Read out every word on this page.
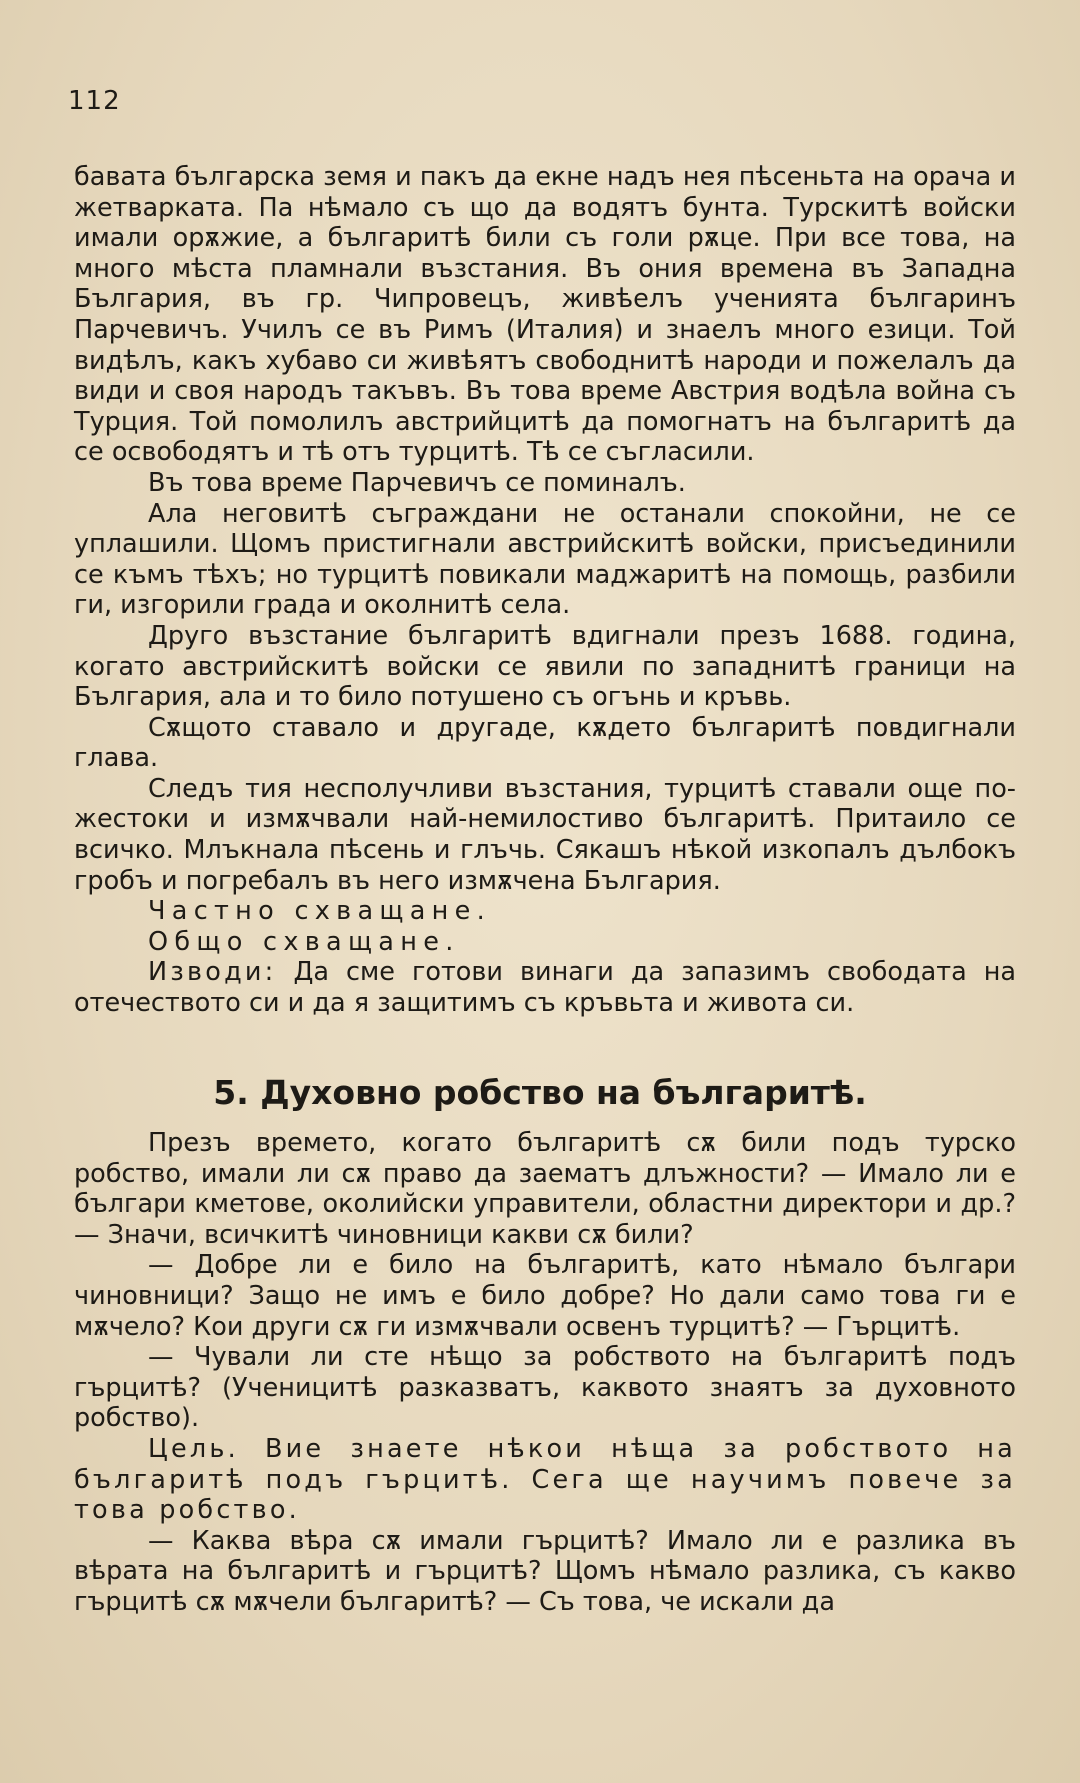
112

бавата българска земя и пакъ да екне надъ нея пѣсеньта на орача и жетварката. Па нѣмало съ що да водятъ бунта. Турскитѣ войски имали орѫжие, а българитѣ били съ голи рѫце. При все това, на много мѣста пламнали възстания. Въ ония времена въ Западна България, въ гр. Чипровецъ, живѣелъ ученията българинъ Парчевичъ. Училъ се въ Римъ (Италия) и знаелъ много езици. Той видѣлъ, какъ хубаво си живѣятъ свободнитѣ народи и пожелалъ да види и своя народъ такъвъ. Въ това време Австрия водѣла война съ Турция. Той помолилъ австрийцитѣ да помогнатъ на българитѣ да се освободятъ и тѣ отъ турцитѣ. Тѣ се съгласили.

Въ това време Парчевичъ се поминалъ.

Ала неговитѣ съграждани не останали спокойни, не се уплашили. Щомъ пристигнали австрийскитѣ войски, присъединили се къмъ тѣхъ; но турцитѣ повикали маджаритѣ на помощь, разбили ги, изгорили града и околнитѣ села.

Друго възстание българитѣ вдигнали презъ 1688. година, когато австрийскитѣ войски се явили по западнитѣ граници на България, ала и то било потушено съ огънь и кръвь.

Сѫщото ставало и другаде, кѫдето българитѣ повдигнали глава.

Следъ тия несполучливи възстания, турцитѣ ставали още по-жестоки и измѫчвали най-немилостиво българитѣ. Притаило се всичко. Млъкнала пѣсень и глъчь. Сякашъ нѣкой изкопалъ дълбокъ гробъ и погребалъ въ него измѫчена България.

Частно схващане.

Общо схващане.

Изводи: Да сме готови винаги да запазимъ свободата на отечеството си и да я защитимъ съ кръвьта и живота си.

5. Духовно робство на българитѣ.

Презъ времето, когато българитѣ сѫ били подъ турско робство, имали ли сѫ право да заематъ длъжности? — Имало ли е българи кметове, околийски управители, областни директори и др.? — Значи, всичкитѣ чиновници какви сѫ били?

— Добре ли е било на българитѣ, като нѣмало българи чиновници? Защо не имъ е било добре? Но дали само това ги е мѫчело? Кои други сѫ ги измѫчвали освенъ турцитѣ? — Гърцитѣ.

— Чували ли сте нѣщо за робството на българитѣ подъ гърцитѣ? (Ученицитѣ разказватъ, каквото знаятъ за духовното робство).

Цель. Вие знаете нѣкои нѣща за робството на българитѣ подъ гърцитѣ. Сега ще научимъ повече за това робство.

— Каква вѣра сѫ имали гърцитѣ? Имало ли е разлика въ вѣрата на българитѣ и гърцитѣ? Щомъ нѣмало разлика, съ какво гърцитѣ сѫ мѫчели българитѣ? — Съ това, че искали да
